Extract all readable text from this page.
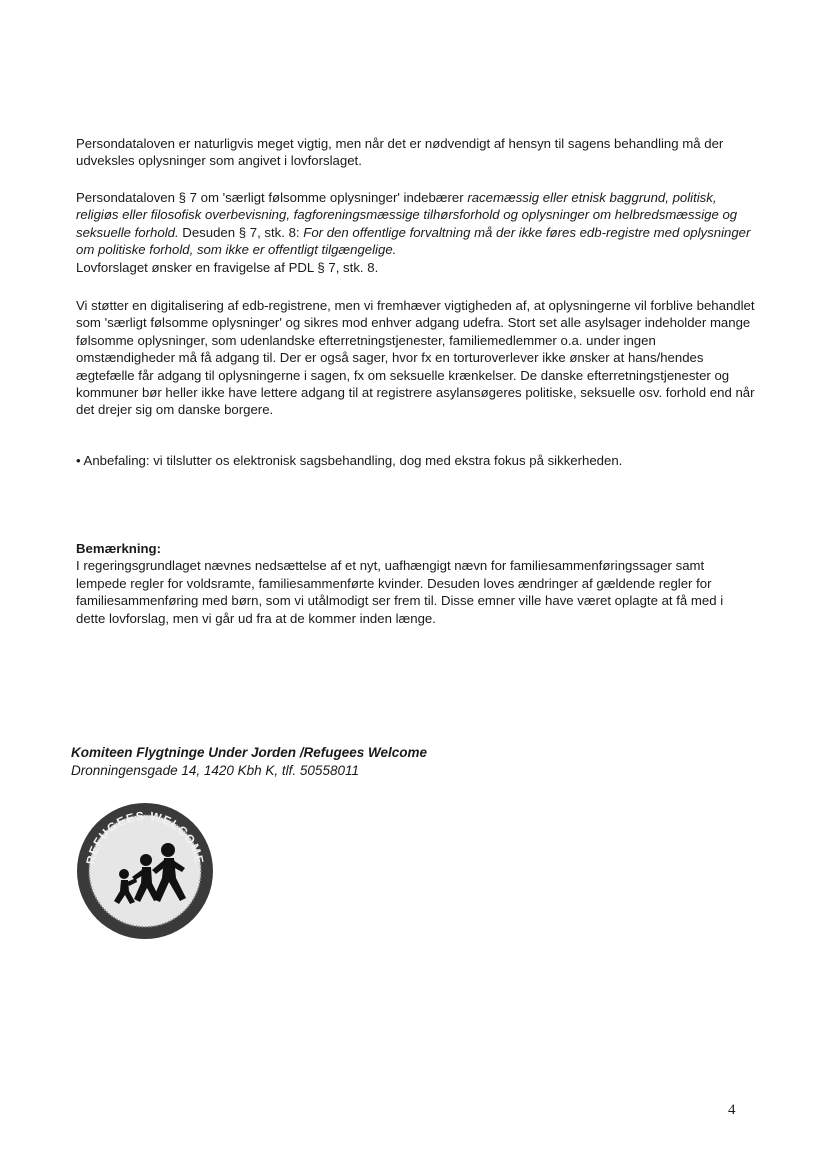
Persondataloven er naturligvis meget vigtig, men når det er nødvendigt af hensyn til sagens behandling må der udveksles oplysninger som angivet i lovforslaget.

Persondataloven § 7 om 'særligt følsomme oplysninger' indebærer racemæssig eller etnisk baggrund, politisk, religiøs eller filosofisk overbevisning, fagforeningsmæssige tilhørsforhold og oplysninger om helbredsmæssige og seksuelle forhold. Desuden § 7, stk. 8: For den offentlige forvaltning må der ikke føres edb-registre med oplysninger om politiske forhold, som ikke er offentligt tilgængelige.

Lovforslaget ønsker en fravigelse af PDL § 7, stk. 8.

Vi støtter en digitalisering af edb-registrene, men vi fremhæver vigtigheden af, at oplysningerne vil forblive behandlet som 'særligt følsomme oplysninger' og sikres mod enhver adgang udefra. Stort set alle asylsager indeholder mange følsomme oplysninger, som udenlandske efterretningstjenester, familiemedlemmer o.a. under ingen omstændigheder må få adgang til. Der er også sager, hvor fx en torturoverlever ikke ønsker at hans/hendes ægtefælle får adgang til oplysningerne i sagen, fx om seksuelle krænkelser. De danske efterretningstjenester og kommuner bør heller ikke have lettere adgang til at registrere asylansøgeres politiske, seksuelle osv. forhold end når det drejer sig om danske borgere.

• Anbefaling: vi tilslutter os elektronisk sagsbehandling, dog med ekstra fokus på sikkerheden.

Bemærkning:

I regeringsgrundlaget nævnes nedsættelse af et nyt, uafhængigt nævn for familiesammenføringssager samt lempede regler for voldsramte, familiesammenførte kvinder. Desuden loves ændringer af gældende regler for familiesammenføring med børn, som vi utålmodigt ser frem til. Disse emner ville have været oplagte at få med i dette lovforslag, men vi går ud fra at de kommer inden længe.

Komiteen Flygtninge Under Jorden /Refugees Welcome
Dronningensgade 14, 1420 Kbh K, tlf. 50558011
REFUGEES WELCOME
4
